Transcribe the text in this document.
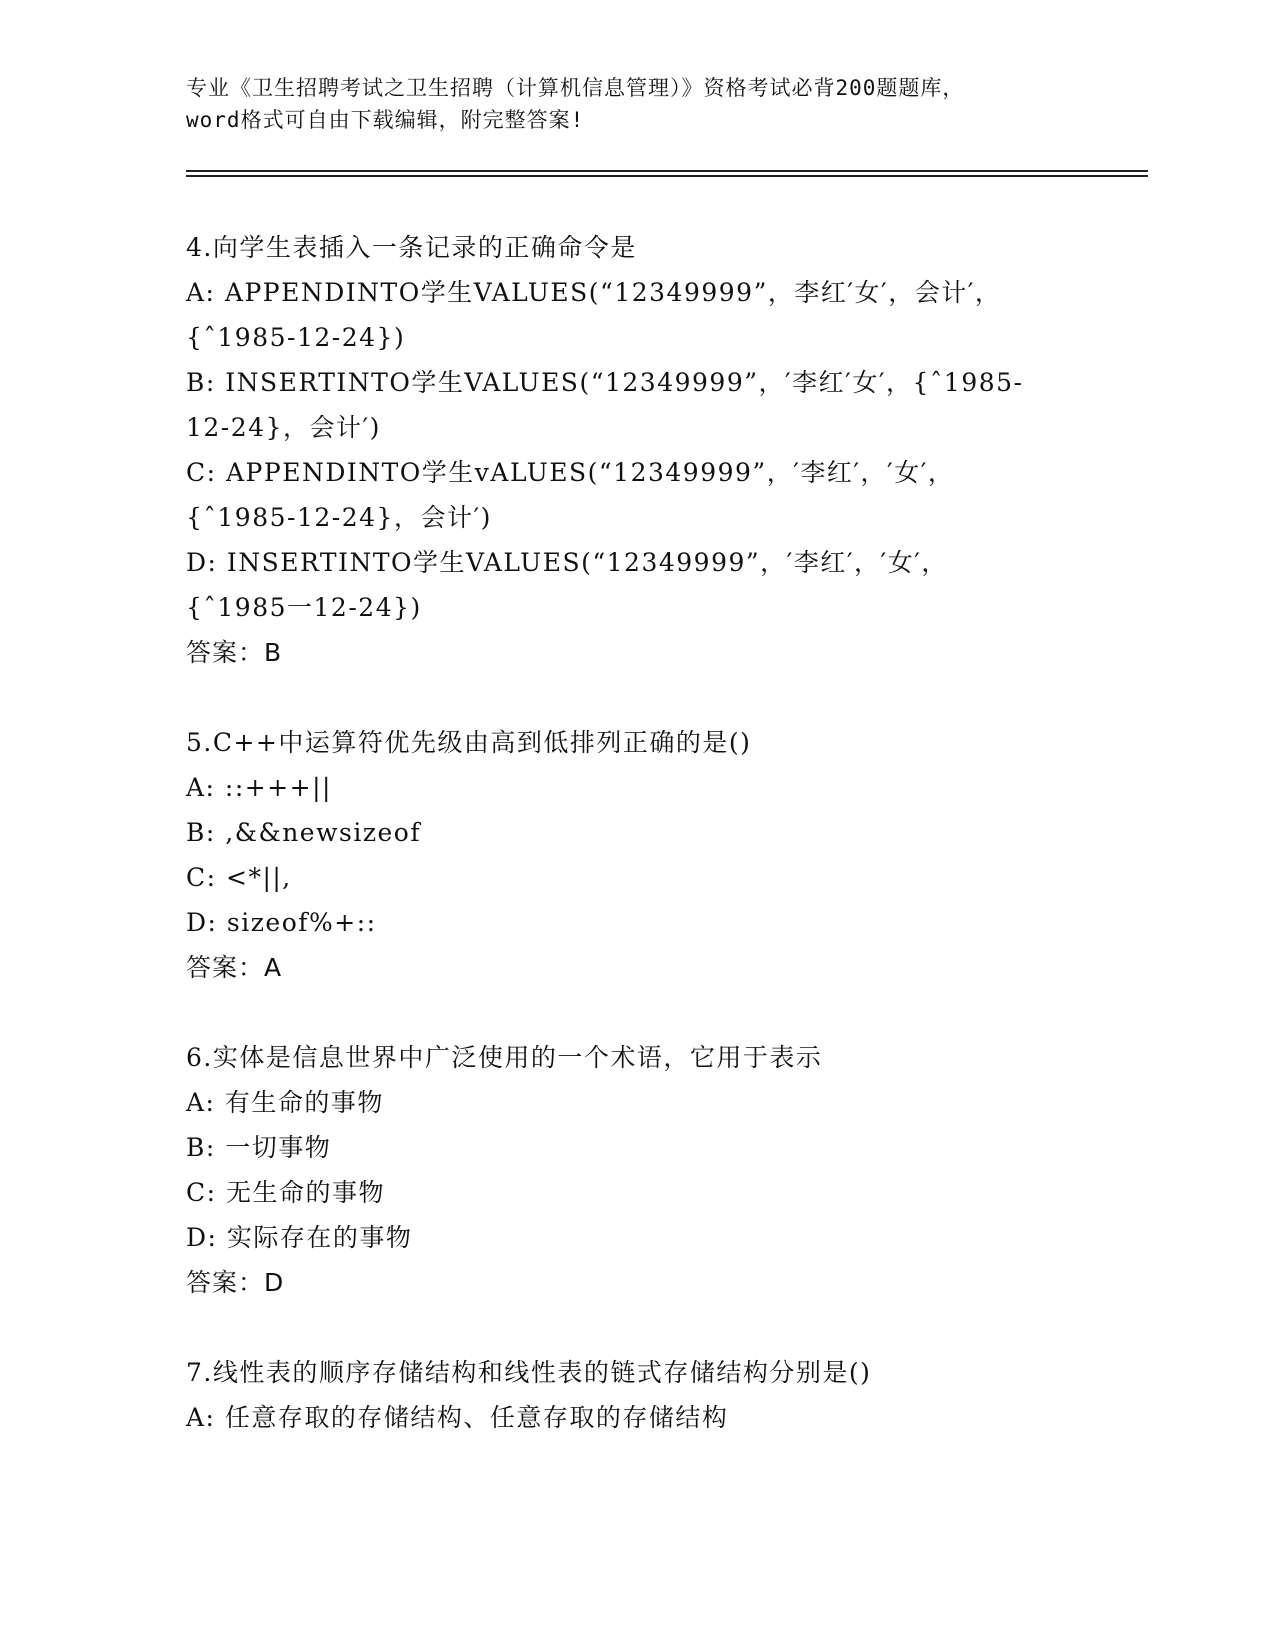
专业《卫生招聘考试之卫生招聘（计算机信息管理）》资格考试必背200题题库，
word格式可自由下载编辑，附完整答案!
4.向学生表插入一条记录的正确命令是
A: APPENDINTO学生VALUES(“12349999”，李红′女′，会计′，
{ˆ1985-12-24})
B: INSERTINTO学生VALUES(“12349999”，′李红′女′，{ˆ1985-
12-24}，会计′)
C: APPENDINTO学生vALUES(“12349999”，′李红′，′女′，
{ˆ1985-12-24}，会计′)
D: INSERTINTO学生VALUES(“12349999”，′李红′，′女′，
{ˆ1985一12-24})
答案：B
5.C++中运算符优先级由高到低排列正确的是()
A: ::+++||
B: ,&&newsizeof
C: <*||,
D: sizeof%+::
答案：A
6.实体是信息世界中广泛使用的一个术语，它用于表示
A: 有生命的事物
B: 一切事物
C: 无生命的事物
D: 实际存在的事物
答案：D
7.线性表的顺序存储结构和线性表的链式存储结构分别是()
A: 任意存取的存储结构、任意存取的存储结构
